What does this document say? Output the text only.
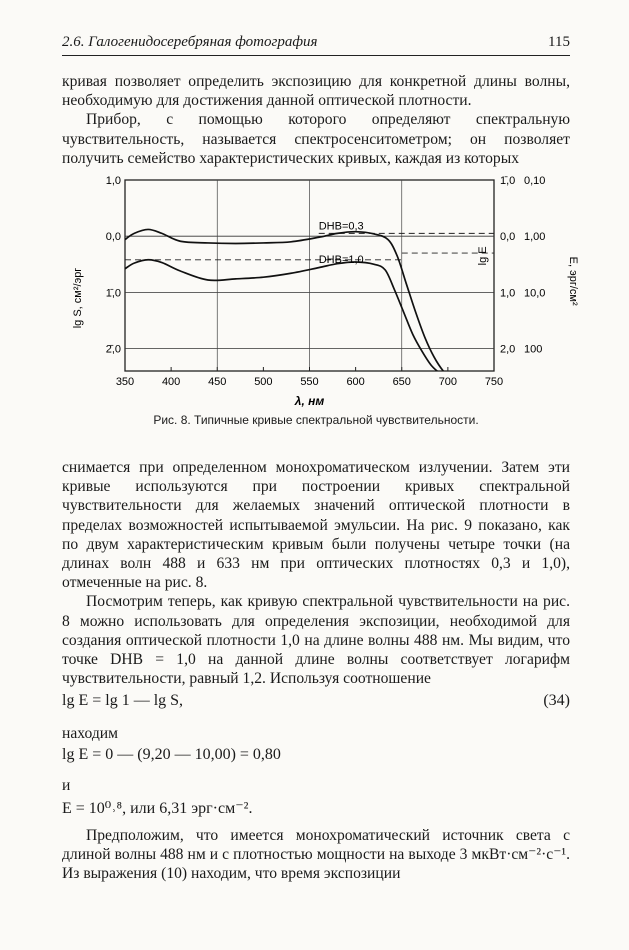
2.6. Галогенидосеребряная фотография	115

кривая позволяет определить экспозицию для конкретной длины волны, необходимую для достижения данной оптической плотности.

Прибор, с помощью которого определяют спектральную чувствительность, называется спектросенситометром; он позволяет получить семейство характеристических кривых, каждая из которых

350	400	450	500	550	600	650	700	750
1,0
0,0
1̄,0
2̄,0
1̄,0
0,0
1,0
2,0
0,10
1,00
10,0
100
λ, нм
lg S, см²/эрг
lg E
E, эрг/см²
DНВ=0,3
DНВ=1,0
Рис. 8. Типичные кривые спектральной чувствительности.

снимается при определенном монохроматическом излучении. Затем эти кривые используются при построении кривых спектральной чувствительности для желаемых значений оптической плотности в пределах возможностей испытываемой эмульсии. На рис. 9 показано, как по двум характеристическим кривым были получены четыре точки (на длинах волн 488 и 633 нм при оптических плотностях 0,3 и 1,0), отмеченные на рис. 8.

Посмотрим теперь, как кривую спектральной чувствительности на рис. 8 можно использовать для определения экспозиции, необходимой для создания оптической плотности 1,0 на длине волны 488 нм. Мы видим, что точке DНВ = 1,0 на данной длине волны соответствует логарифм чувствительности, равный 1,2. Используя соотношение

lg E = lg 1 — lg S,	(34)

находим

lg E = 0 — (9,20 — 10,00) = 0,80

и

E = 10⁰˒⁸, или 6,31 эрг·см⁻².

Предположим, что имеется монохроматический источник света с длиной волны 488 нм и с плотностью мощности на выходе 3 мкВт·см⁻²·с⁻¹. Из выражения (10) находим, что время экспозиции
